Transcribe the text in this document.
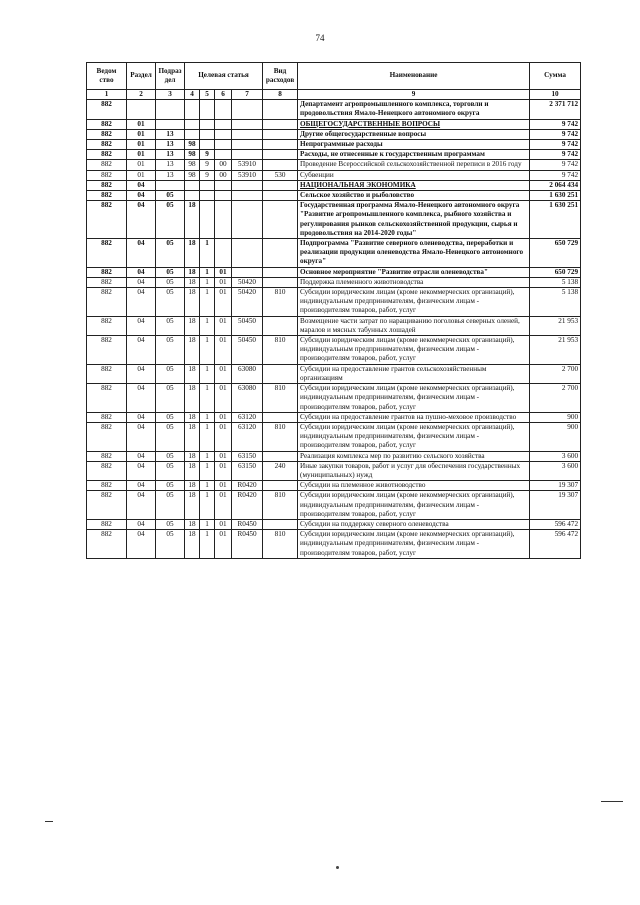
74
Ведом ство	Раздел	Подраз дел	Целевая статья				Вид расходов	Наименование	Сумма
1	2	3	4	5	6	7	8	9	10
882								Департамент агропромышленного комплекса, торговли и продовольствия Ямало-Ненецкого автономного округа	2 371 712
882	01							ОБЩЕГОСУДАРСТВЕННЫЕ ВОПРОСЫ	9 742
882	01	13						Другие общегосударственные вопросы	9 742
882	01	13	98					Непрограммные расходы	9 742
882	01	13	98	9				Расходы, не отнесенные к государственным программам	9 742
882	01	13	98	9	00	53910		Проведение Всероссийской сельскохозяйственной переписи в 2016 году	9 742
882	01	13	98	9	00	53910	530	Субвенции	9 742
882	04							НАЦИОНАЛЬНАЯ ЭКОНОМИКА	2 064 434
882	04	05						Сельское хозяйство и рыболовство	1 630 251
882	04	05	18					Государственная программа Ямало-Ненецкого автономного округа "Развитие агропромышленного комплекса, рыбного хозяйства и регулирования рынков сельскохозяйственной продукции, сырья и продовольствия на 2014-2020 годы"	1 630 251
882	04	05	18	1				Подпрограмма "Развитие северного оленеводства, переработки и реализации продукции оленеводства Ямало-Ненецкого автономного округа"	650 729
882	04	05	18	1	01			Основное мероприятие "Развитие отрасли оленеводства"	650 729
882	04	05	18	1	01	50420		Поддержка племенного животноводства	5 138
882	04	05	18	1	01	50420	810	Субсидии юридическим лицам (кроме некоммерческих организаций), индивидуальным предпринимателям, физическим лицам - производителям товаров, работ, услуг	5 138
882	04	05	18	1	01	50450		Возмещение части затрат по наращиванию поголовья северных оленей, маралов и мясных табунных лошадей	21 953
882	04	05	18	1	01	50450	810	Субсидии юридическим лицам (кроме некоммерческих организаций), индивидуальным предпринимателям, физическим лицам - производителям товаров, работ, услуг	21 953
882	04	05	18	1	01	63080		Субсидии на предоставление грантов сельскохозяйственным организациям	2 700
882	04	05	18	1	01	63080	810	Субсидии юридическим лицам (кроме некоммерческих организаций), индивидуальным предпринимателям, физическим лицам - производителям товаров, работ, услуг	2 700
882	04	05	18	1	01	63120		Субсидии на предоставление грантов на пушно-меховое производство	900
882	04	05	18	1	01	63120	810	Субсидии юридическим лицам (кроме некоммерческих организаций), индивидуальным предпринимателям, физическим лицам - производителям товаров, работ, услуг	900
882	04	05	18	1	01	63150		Реализация комплекса мер по развитию сельского хозяйства	3 600
882	04	05	18	1	01	63150	240	Иные закупки товаров, работ и услуг для обеспечения государственных (муниципальных) нужд	3 600
882	04	05	18	1	01	R0420		Субсидии на племенное животноводство	19 307
882	04	05	18	1	01	R0420	810	Субсидии юридическим лицам (кроме некоммерческих организаций), индивидуальным предпринимателям, физическим лицам - производителям товаров, работ, услуг	19 307
882	04	05	18	1	01	R0450		Субсидии на поддержку северного оленеводства	596 472
882	04	05	18	1	01	R0450	810	Субсидии юридическим лицам (кроме некоммерческих организаций), индивидуальным предпринимателям, физическим лицам - производителям товаров, работ, услуг	596 472
